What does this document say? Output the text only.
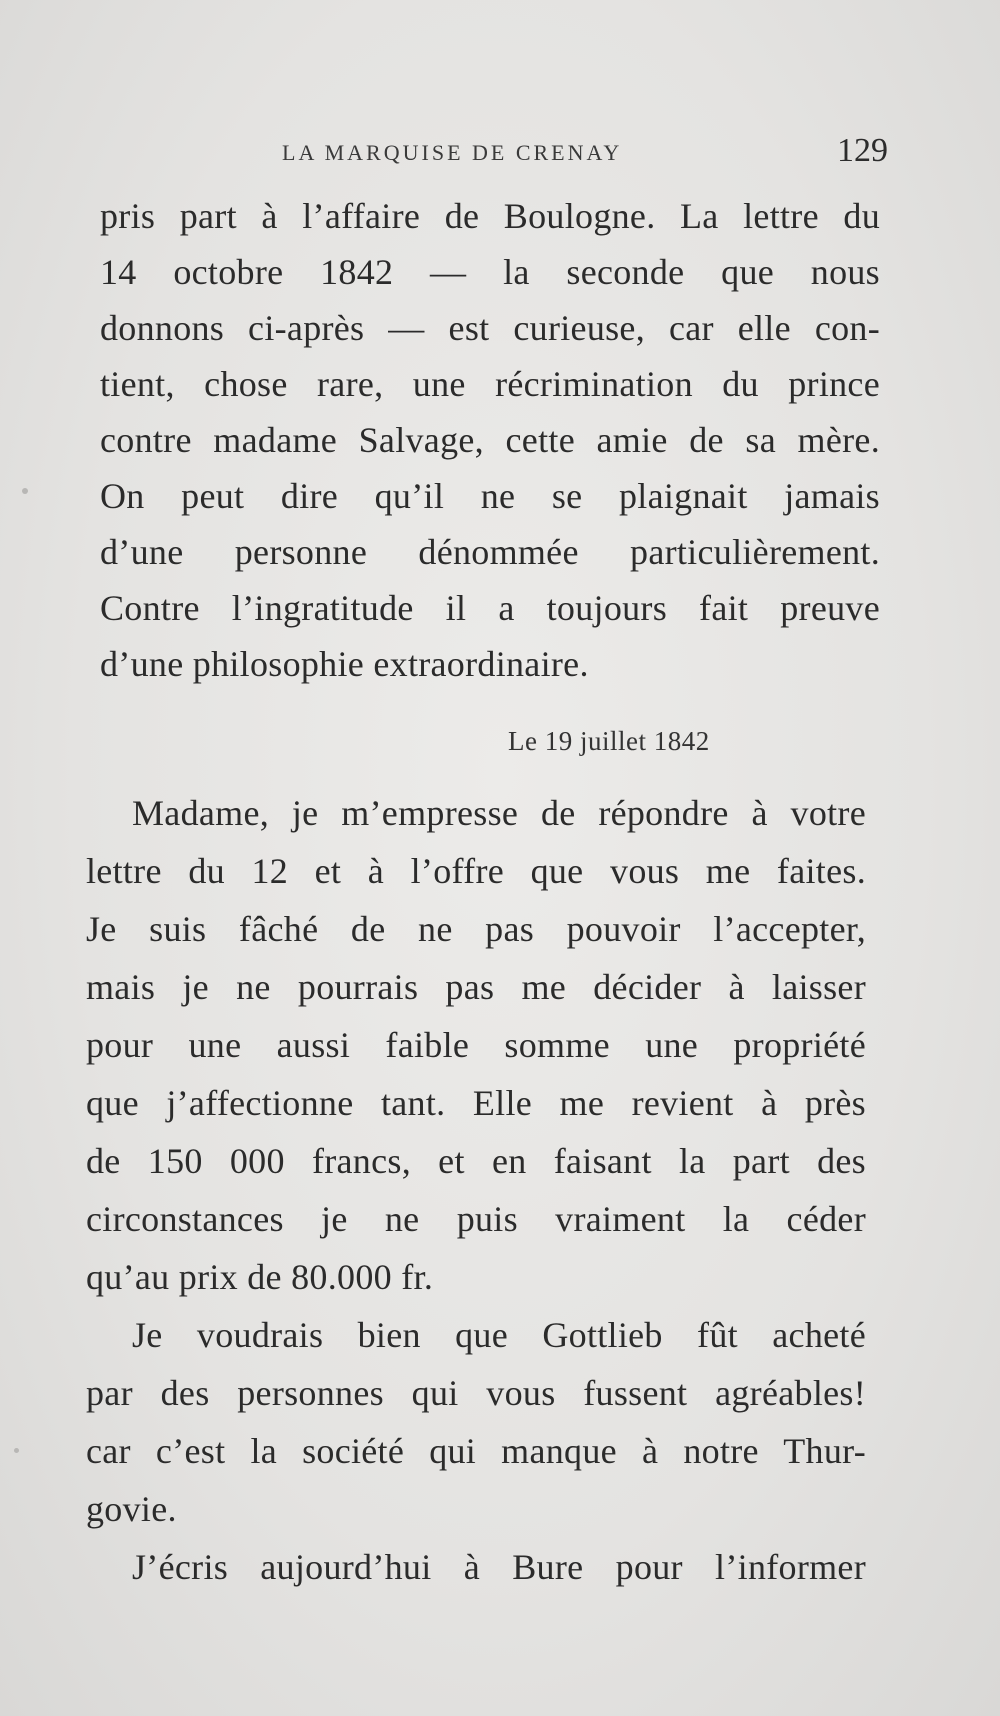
LA MARQUISE DE CRENAY	129
pris part à l’affaire de Boulogne. La lettre du
14 octobre 1842 — la seconde que nous
donnons ci-après — est curieuse, car elle con-
tient, chose rare, une récrimination du prince
contre madame Salvage, cette amie de sa mère.
On peut dire qu’il ne se plaignait jamais
d’une personne dénommée particulièrement.
Contre l’ingratitude il a toujours fait preuve
d’une philosophie extraordinaire.
Le 19 juillet 1842
Madame, je m’empresse de répondre à votre
lettre du 12 et à l’offre que vous me faites.
Je suis fâché de ne pas pouvoir l’accepter,
mais je ne pourrais pas me décider à laisser
pour une aussi faible somme une propriété
que j’affectionne tant. Elle me revient à près
de 150 000 francs, et en faisant la part des
circonstances je ne puis vraiment la céder
qu’au prix de 80.000 fr.
Je voudrais bien que Gottlieb fût acheté
par des personnes qui vous fussent agréables!
car c’est la société qui manque à notre Thur-
govie.
J’écris aujourd’hui à Bure pour l’informer
